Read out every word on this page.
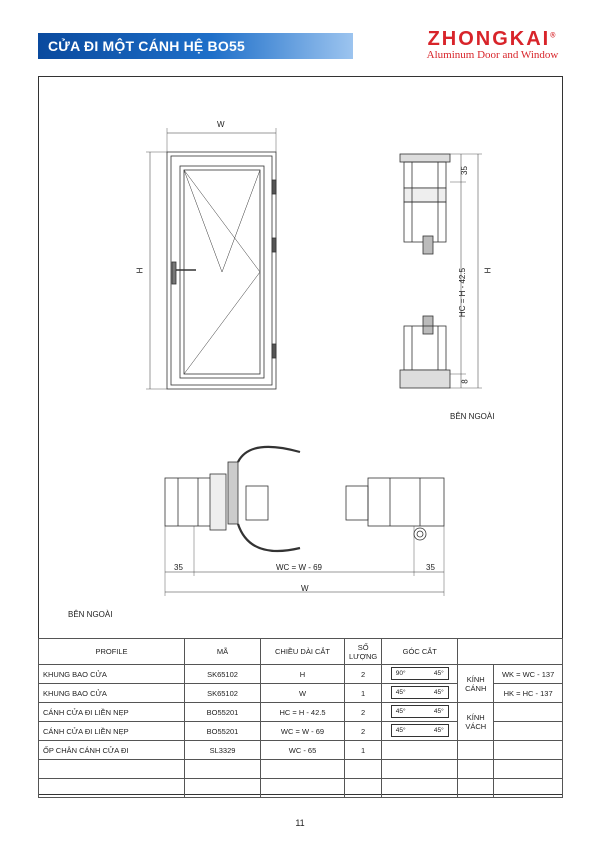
CỬA ĐI MỘT CÁNH HỆ BO55	ZHONGKAI®
Aluminum Door and Window
W
H
35
HC = H - 42.5 H
8
BÊN NGOÀI
35	WC = W - 69	35
W
BÊN NGOÀI
PROFILE	MÃ	CHIỀU DÀI CẮT	SỐ LƯỢNG	GÓC CẮT		
KHUNG BAO CỬA	SK65102	H	2	90° 45°	KÍNH CÁNH	WK = WC - 137
KHUNG BAO CỬA	SK65102	W	1	45° 45°		HK = HC - 137
CÁNH CỬA ĐI LIỀN NẸP	BO55201	HC = H - 42.5	2	45° 45°	KÍNH VÁCH	
CÁNH CỬA ĐI LIỀN NẸP	BO55201	WC = W - 69	2	45° 45°		

ỐP CHÂN CÁNH CỬA ĐI	SL3329	WC - 65	1			

11
